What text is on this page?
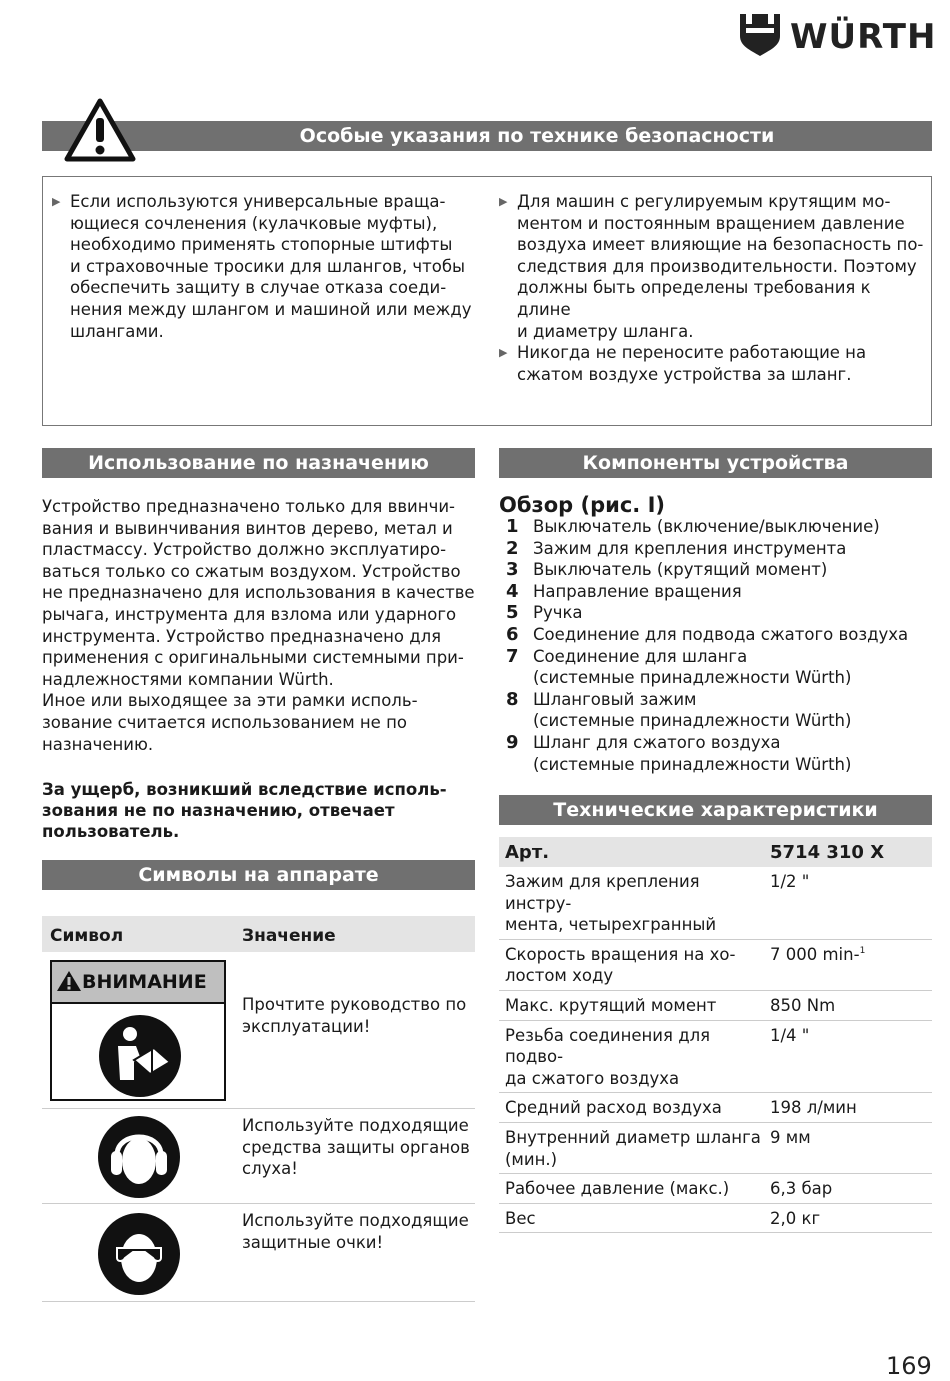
WÜRTH
Особые указания по технике безопасности

▶ Если используются универсальные враща-
ющиеся сочленения (кулачковые муфты),
необходимо применять стопорные штифты
и страховочные тросики для шлангов, чтобы
обеспечить защиту в случае отказа соеди-
нения между шлангом и машиной или между
шлангами.

▶ Для машин с регулируемым крутящим мо-
ментом и постоянным вращением давление
воздуха имеет влияющие на безопасность по-
следствия для производительности. Поэтому
должны быть определены требования к длине
и диаметру шланга.

▶ Никогда не переносите работающие на
сжатом воздухе устройства за шланг.

Использование по назначению
Устройство предназначено только для ввинчи-
вания и вывинчивания винтов дерево, метал и
пластмассу. Устройство должно эксплуатиро-
ваться только со сжатым воздухом. Устройство
не предназначено для использования в качестве
рычага, инструмента для взлома или ударного
инструмента. Устройство предназначено для
применения с оригинальными системными при-
надлежностями компании Würth.
Иное или выходящее за эти рамки исполь-
зование считается использованием не по
назначению.
За ущерб, возникший вследствие исполь-
зования не по назначению, отвечает
пользователь.
Компоненты устройства
Обзор (рис. I)
1 Выключатель (включение/выключение)
2 Зажим для крепления инструмента
3 Выключатель (крутящий момент)
4 Направление вращения
5 Ручка
6 Соединение для подвода сжатого воздуха
7 Соединение для шланга
(системные принадлежности Würth)
8 Шланговый зажим
(системные принадлежности Würth)
9 Шланг для сжатого воздуха
(системные принадлежности Würth)
Символы на аппарате
Символ	Значение
ВНИМАНИЕ
Прочтите руководство по
эксплуатации!
Используйте подходящие
средства защиты органов
слуха!
Используйте подходящие
защитные очки!
Технические характеристики
Арт.	5714 310 X
Зажим для крепления инстру-
мента, четырехгранный
1/2 "
Скорость вращения на хо-
лостом ходу
7 000 min-$^1$
Макс. крутящий момент	850 Nm
Резьба соединения для подво-
да сжатого воздуха
1/4 "
Средний расход воздуха	198 л/мин
Внутренний диаметр шланга
(мин.)
9 мм
Рабочее давление (макс.)	6,3 бар
Вес	2,0 кг
169
